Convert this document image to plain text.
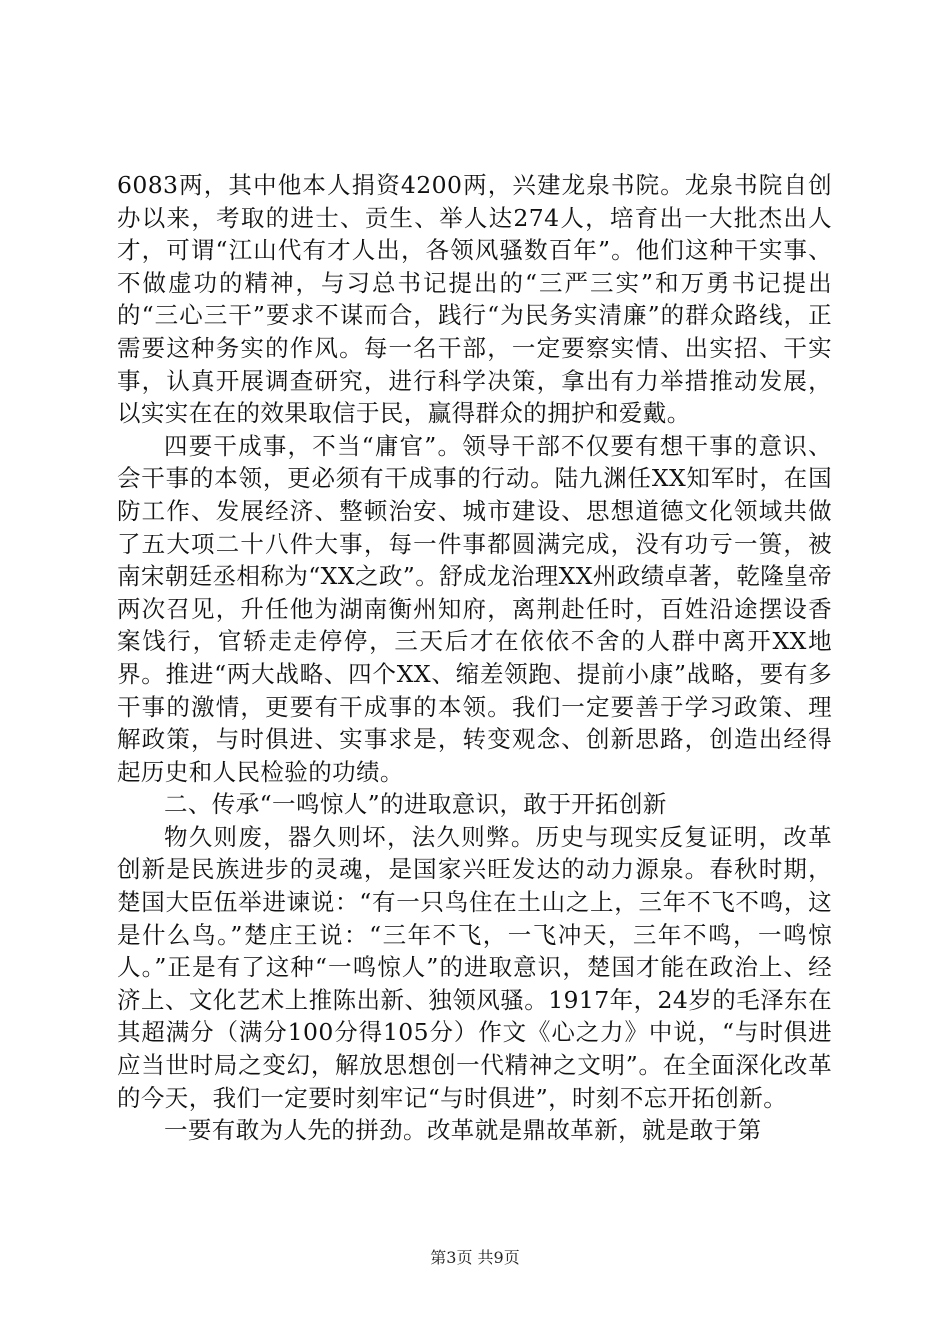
6083两，其中他本人捐资4200两，兴建龙泉书院。龙泉书院自创办以来，考取的进士、贡生、举人达274人，培育出一大批杰出人才，可谓“江山代有才人出，各领风骚数百年”。他们这种干实事、不做虚功的精神，与习总书记提出的“三严三实”和万勇书记提出的“三心三干”要求不谋而合，践行“为民务实清廉”的群众路线，正需要这种务实的作风。每一名干部，一定要察实情、出实招、干实事，认真开展调查研究，进行科学决策，拿出有力举措推动发展，以实实在在的效果取信于民，赢得群众的拥护和爱戴。

四要干成事，不当“庸官”。领导干部不仅要有想干事的意识、会干事的本领，更必须有干成事的行动。陆九渊任XX知军时，在国防工作、发展经济、整顿治安、城市建设、思想道德文化领域共做了五大项二十八件大事，每一件事都圆满完成，没有功亏一篑，被南宋朝廷丞相称为“XX之政”。舒成龙治理XX州政绩卓著，乾隆皇帝两次召见，升任他为湖南衡州知府，离荆赴任时，百姓沿途摆设香案饯行，官轿走走停停，三天后才在依依不舍的人群中离开XX地界。推进“两大战略、四个XX、缩差领跑、提前小康”战略，要有多干事的激情，更要有干成事的本领。我们一定要善于学习政策、理解政策，与时俱进、实事求是，转变观念、创新思路，创造出经得起历史和人民检验的功绩。

二、传承“一鸣惊人”的进取意识，敢于开拓创新

物久则废，器久则坏，法久则弊。历史与现实反复证明，改革创新是民族进步的灵魂，是国家兴旺发达的动力源泉。春秋时期，楚国大臣伍举进谏说：“有一只鸟住在土山之上，三年不飞不鸣，这是什么鸟。”楚庄王说：“三年不飞，一飞冲天，三年不鸣，一鸣惊人。”正是有了这种“一鸣惊人”的进取意识，楚国才能在政治上、经济上、文化艺术上推陈出新、独领风骚。1917年，24岁的毛泽东在其超满分（满分100分得105分）作文《心之力》中说，“与时俱进应当世时局之变幻，解放思想创一代精神之文明”。在全面深化改革的今天，我们一定要时刻牢记“与时俱进”，时刻不忘开拓创新。

一要有敢为人先的拼劲。改革就是鼎故革新，就是敢于第

第3页 共9页
